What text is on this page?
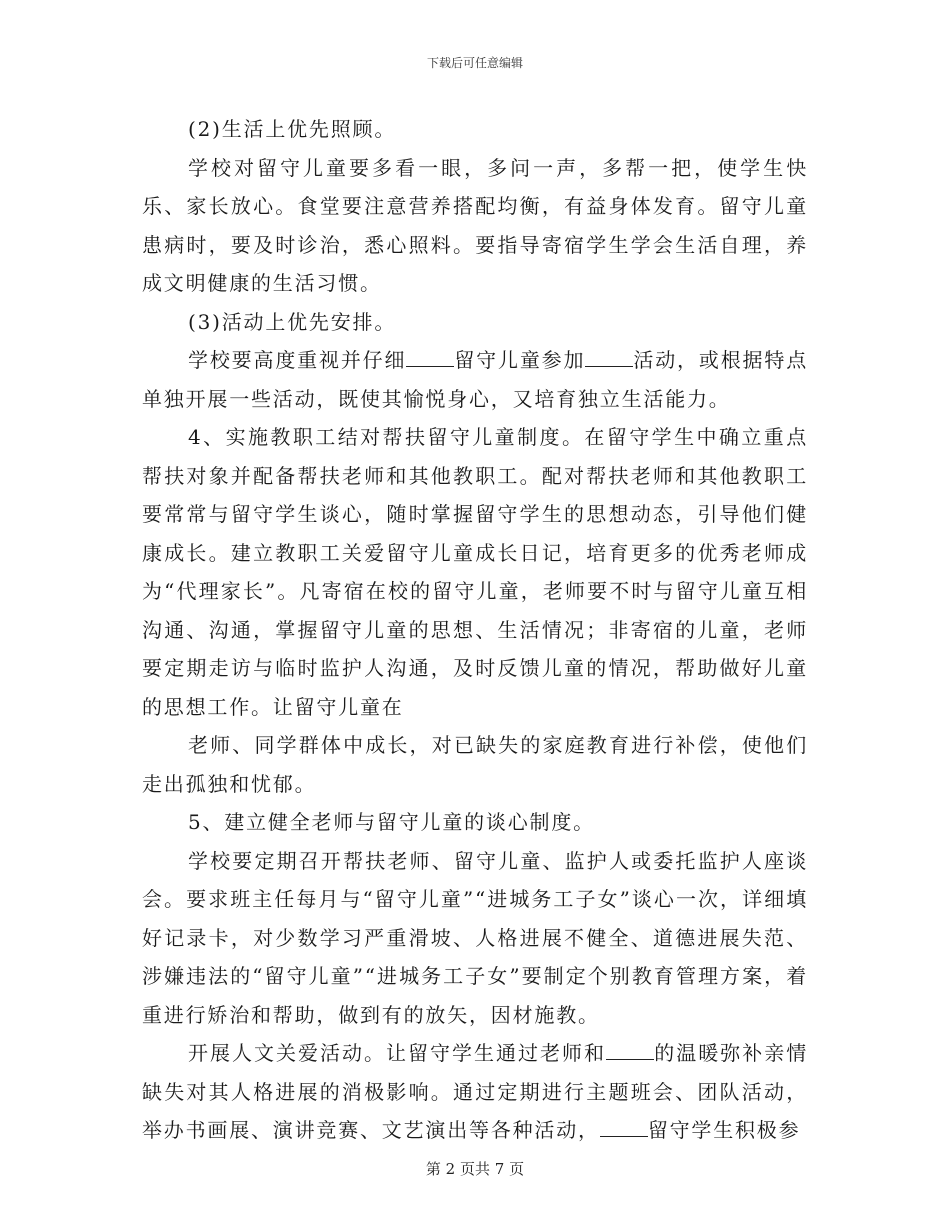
下载后可任意编辑

(2)生活上优先照顾。

学校对留守儿童要多看一眼，多问一声，多帮一把，使学生快乐、家长放心。食堂要注意营养搭配均衡，有益身体发育。留守儿童患病时，要及时诊治，悉心照料。要指导寄宿学生学会生活自理，养成文明健康的生活习惯。

(3)活动上优先安排。

学校要高度重视并仔细 留守儿童参加 活动，或根据特点单独开展一些活动，既使其愉悦身心，又培育独立生活能力。

4、实施教职工结对帮扶留守儿童制度。在留守学生中确立重点帮扶对象并配备帮扶老师和其他教职工。配对帮扶老师和其他教职工要常常与留守学生谈心，随时掌握留守学生的思想动态，引导他们健康成长。建立教职工关爱留守儿童成长日记，培育更多的优秀老师成为“代理家长”。凡寄宿在校的留守儿童，老师要不时与留守儿童互相沟通、沟通，掌握留守儿童的思想、生活情况；非寄宿的儿童，老师要定期走访与临时监护人沟通，及时反馈儿童的情况，帮助做好儿童的思想工作。让留守儿童在

老师、同学群体中成长，对已缺失的家庭教育进行补偿，使他们走出孤独和忧郁。

5、建立健全老师与留守儿童的谈心制度。

学校要定期召开帮扶老师、留守儿童、监护人或委托监护人座谈会。要求班主任每月与“留守儿童”“进城务工子女”谈心一次，详细填好记录卡，对少数学习严重滑坡、人格进展不健全、道德进展失范、涉嫌违法的“留守儿童”“进城务工子女”要制定个别教育管理方案，着重进行矫治和帮助，做到有的放矢，因材施教。

开展人文关爱活动。让留守学生通过老师和 的温暖弥补亲情缺失对其人格进展的消极影响。通过定期进行主题班会、团队活动，举办书画展、演讲竞赛、文艺演出等各种活动， 留守学生积极参

第 2 页共 7 页
